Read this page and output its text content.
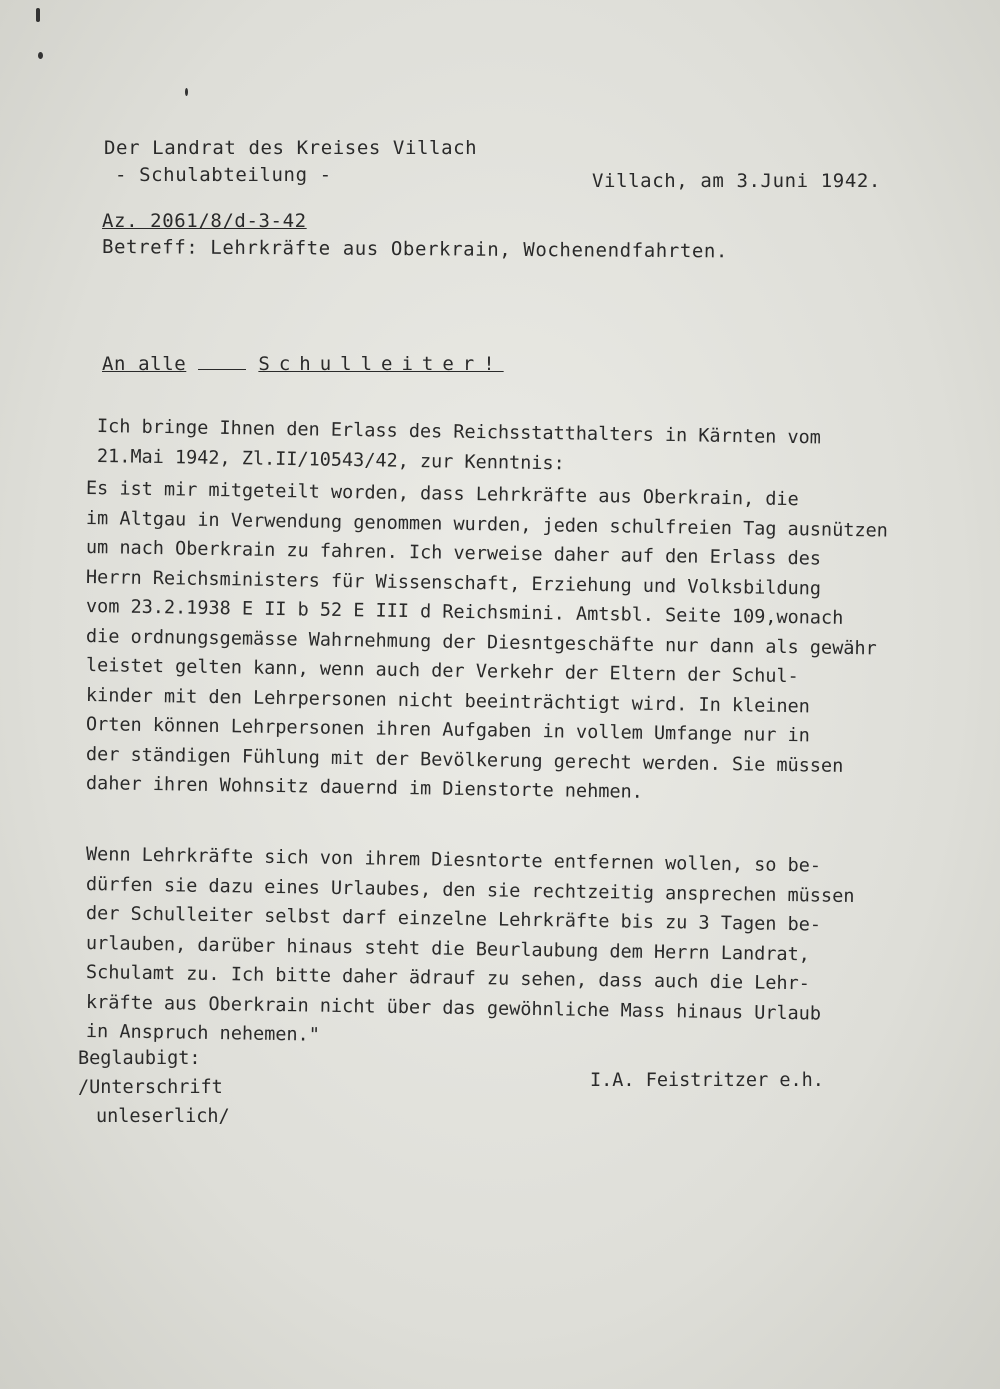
Der Landrat des Kreises Villach
- Schulabteilung -	Villach, am 3.Juni 1942.
Az. 2061/8/d-3-42
Betreff: Lehrkräfte aus Oberkrain, Wochenendfahrten.
An alle	Schulleiter!
Ich bringe Ihnen den Erlass des Reichsstatthalters in Kärnten vom
21.Mai 1942, Zl.II/10543/42, zur Kenntnis:
Es ist mir mitgeteilt worden, dass Lehrkräfte aus Oberkrain, die
im Altgau in Verwendung genommen wurden, jeden schulfreien Tag ausnützen
um nach Oberkrain zu fahren. Ich verweise daher auf den Erlass des
Herrn Reichsministers für Wissenschaft, Erziehung und Volksbildung
vom 23.2.1938 E II b 52 E III d Reichsmini. Amtsbl. Seite 109,wonach
die ordnungsgemässe Wahrnehmung der Diesntgeschäfte nur dann als gewähr
leistet gelten kann, wenn auch der Verkehr der Eltern der Schul-
kinder mit den Lehrpersonen nicht beeinträchtigt wird. In kleinen
Orten können Lehrpersonen ihren Aufgaben in vollem Umfange nur in
der ständigen Fühlung mit der Bevölkerung gerecht werden. Sie müssen
daher ihren Wohnsitz dauernd im Dienstorte nehmen.
Wenn Lehrkräfte sich von ihrem Diesntorte entfernen wollen, so be-
dürfen sie dazu eines Urlaubes, den sie rechtzeitig ansprechen müssen
der Schulleiter selbst darf einzelne Lehrkräfte bis zu 3 Tagen be-
urlauben, darüber hinaus steht die Beurlaubung dem Herrn Landrat,
Schulamt zu. Ich bitte daher ädrauf zu sehen, dass auch die Lehr-
kräfte aus Oberkrain nicht über das gewöhnliche Mass hinaus Urlaub
in Anspruch nehemen."
Beglaubigt:
/Unterschrift
unleserlich/
I.A. Feistritzer e.h.
